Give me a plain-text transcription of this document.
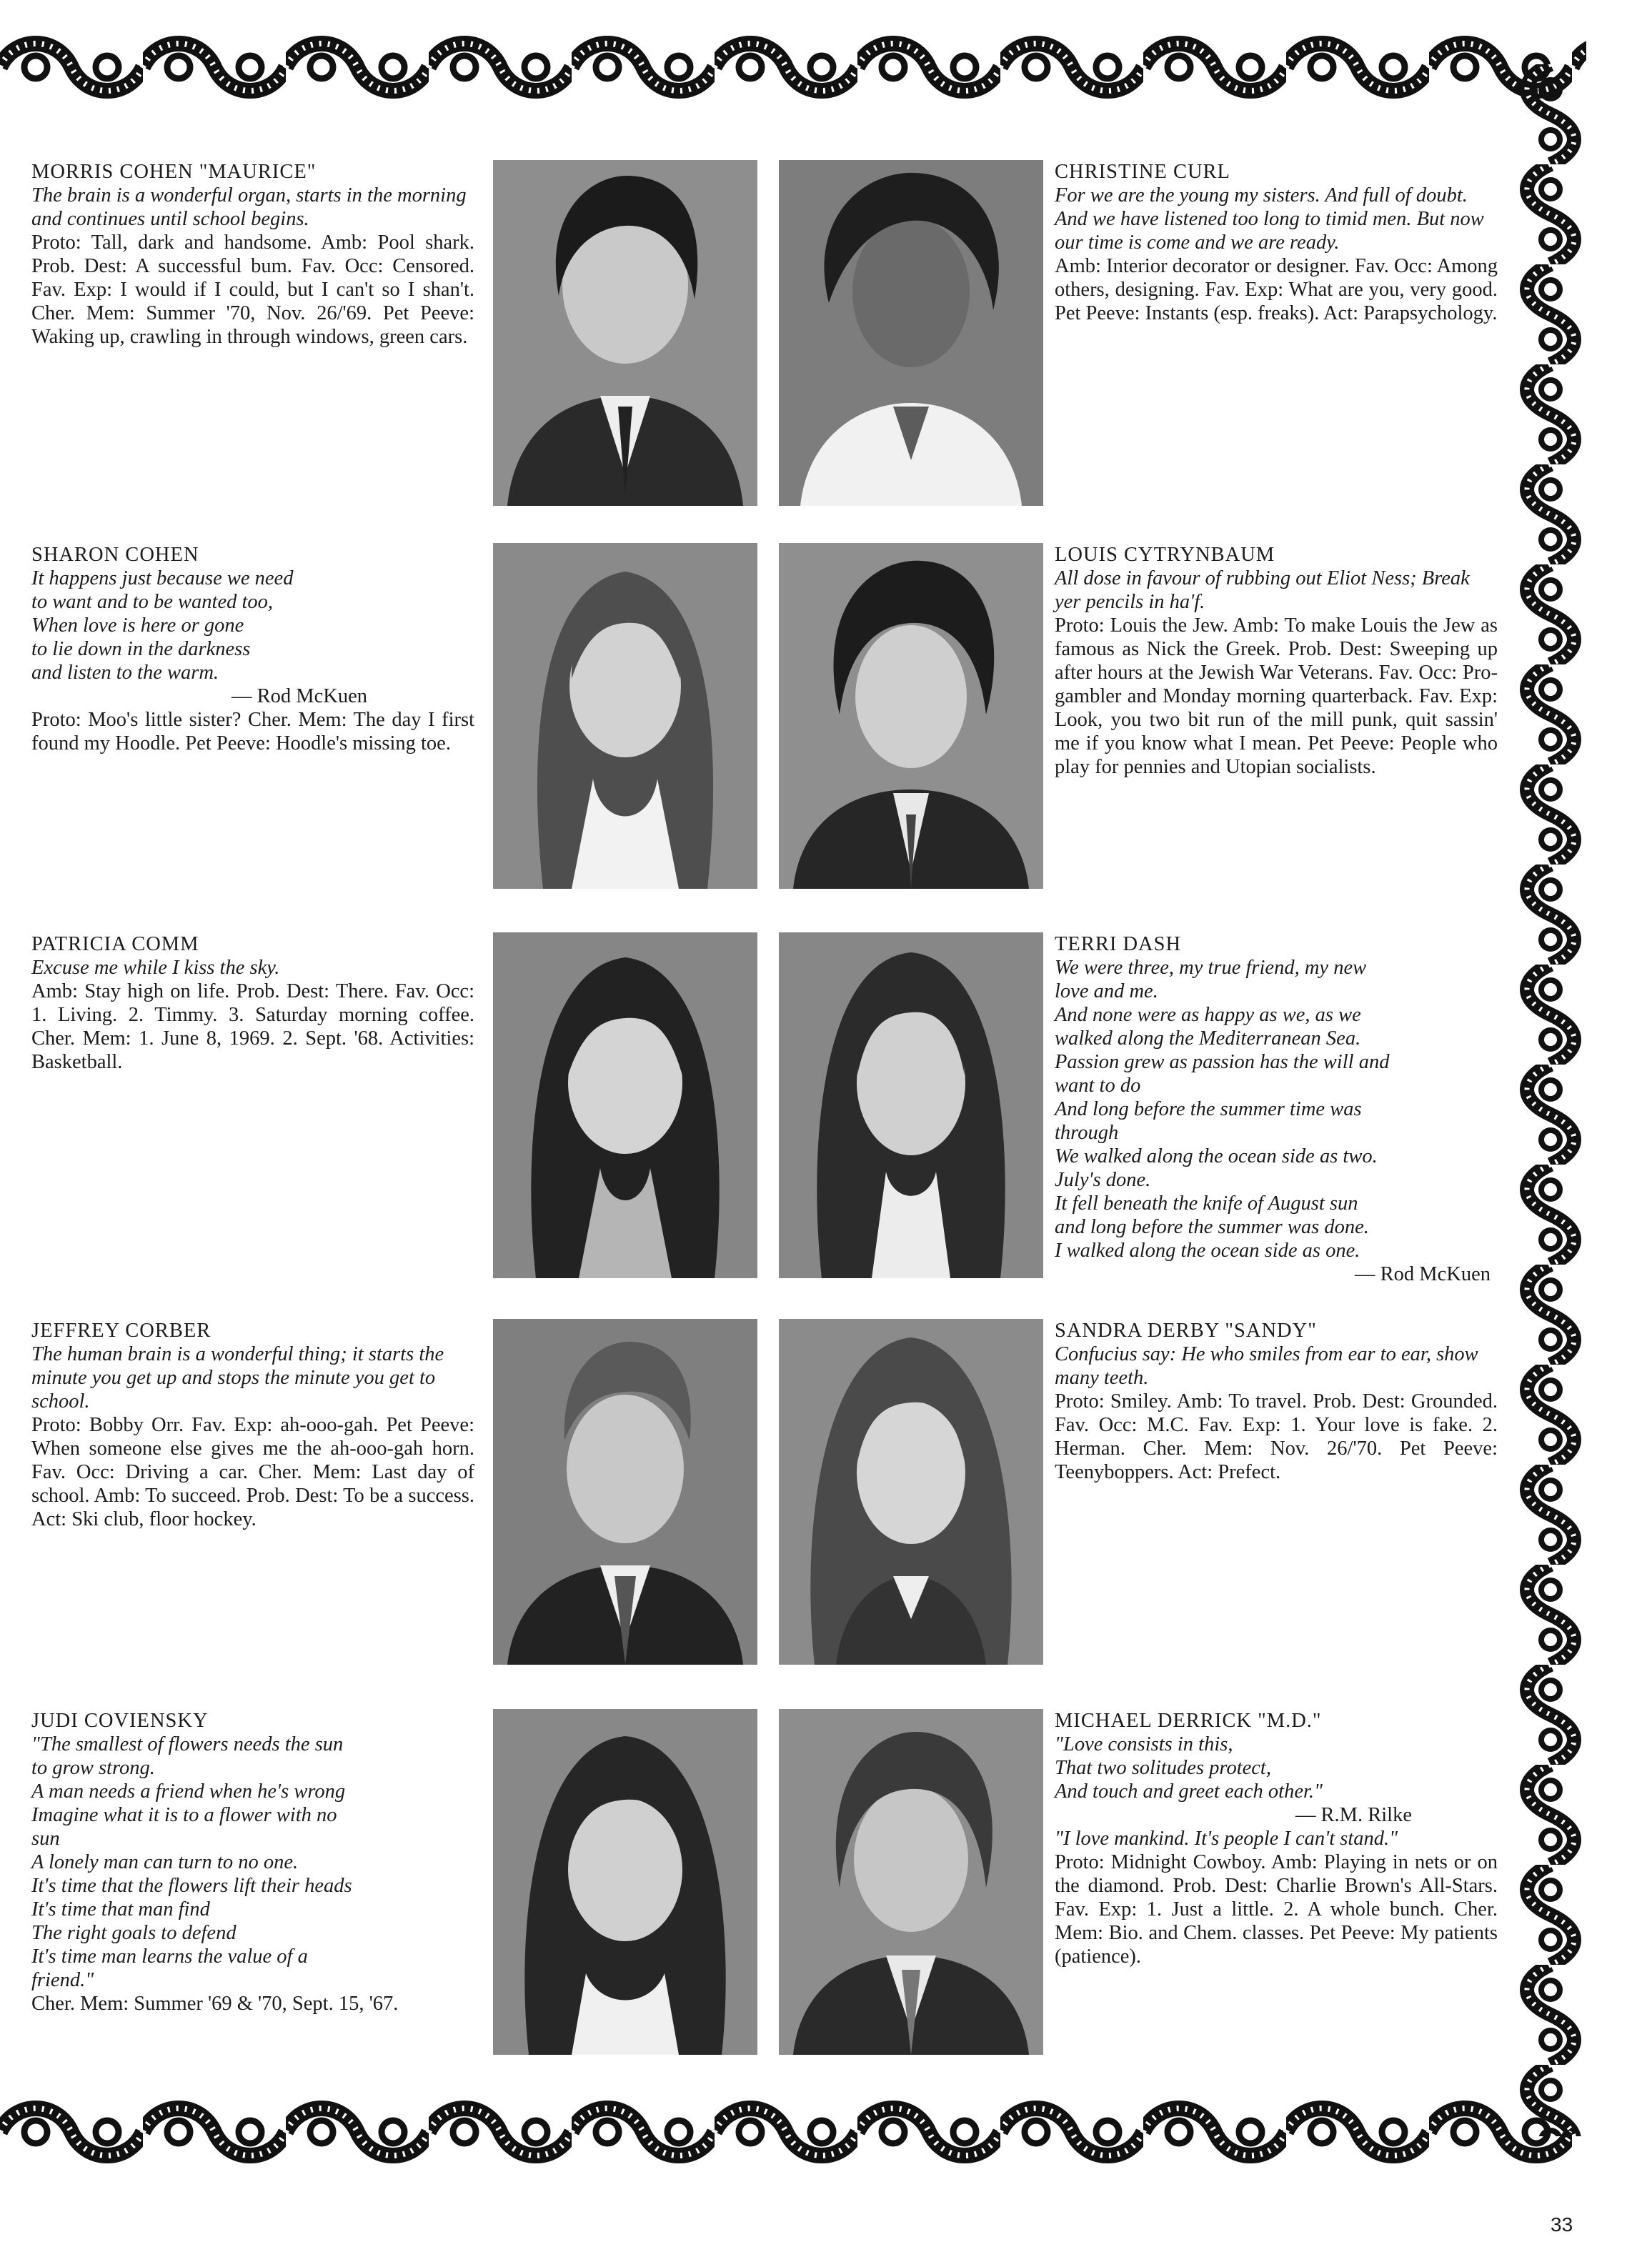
MORRIS COHEN "MAURICE"
The brain is a wonderful organ, starts in the morning and continues until school begins.
Proto: Tall, dark and handsome. Amb: Pool shark. Prob. Dest: A successful bum. Fav. Occ: Censored. Fav. Exp: I would if I could, but I can't so I shan't. Cher. Mem: Summer '70, Nov. 26/'69. Pet Peeve: Waking up, crawling in through windows, green cars.
CHRISTINE CURL
For we are the young my sisters. And full of doubt. And we have listened too long to timid men. But now our time is come and we are ready.
Amb: Interior decorator or designer. Fav. Occ: Among others, designing. Fav. Exp: What are you, very good. Pet Peeve: Instants (esp. freaks). Act: Parapsychology.
SHARON COHEN
It happens just because we need
to want and to be wanted too,
When love is here or gone
to lie down in the darkness
and listen to the warm.
— Rod McKuen
Proto: Moo's little sister? Cher. Mem: The day I first found my Hoodle. Pet Peeve: Hoodle's missing toe.
LOUIS CYTRYNBAUM
All dose in favour of rubbing out Eliot Ness; Break yer pencils in ha'f.
Proto: Louis the Jew. Amb: To make Louis the Jew as famous as Nick the Greek. Prob. Dest: Sweeping up after hours at the Jewish War Veterans. Fav. Occ: Pro-gambler and Monday morning quarterback. Fav. Exp: Look, you two bit run of the mill punk, quit sassin' me if you know what I mean. Pet Peeve: People who play for pennies and Utopian socialists.
PATRICIA COMM
Excuse me while I kiss the sky.
Amb: Stay high on life. Prob. Dest: There. Fav. Occ: 1. Living. 2. Timmy. 3. Saturday morning coffee. Cher. Mem: 1. June 8, 1969. 2. Sept. '68. Activities: Basketball.
TERRI DASH
We were three, my true friend, my new
love and me.
And none were as happy as we, as we
walked along the Mediterranean Sea.
Passion grew as passion has the will and
want to do
And long before the summer time was
through
We walked along the ocean side as two.
July's done.
It fell beneath the knife of August sun
and long before the summer was done.
I walked along the ocean side as one.
— Rod McKuen
JEFFREY CORBER
The human brain is a wonderful thing; it starts the minute you get up and stops the minute you get to school.
Proto: Bobby Orr. Fav. Exp: ah-ooo-gah. Pet Peeve: When someone else gives me the ah-ooo-gah horn. Fav. Occ: Driving a car. Cher. Mem: Last day of school. Amb: To succeed. Prob. Dest: To be a success. Act: Ski club, floor hockey.
SANDRA DERBY "SANDY"
Confucius say: He who smiles from ear to ear, show many teeth.
Proto: Smiley. Amb: To travel. Prob. Dest: Grounded. Fav. Occ: M.C. Fav. Exp: 1. Your love is fake. 2. Herman. Cher. Mem: Nov. 26/'70. Pet Peeve: Teenyboppers. Act: Prefect.
JUDI COVIENSKY
"The smallest of flowers needs the sun
to grow strong.
A man needs a friend when he's wrong
Imagine what it is to a flower with no
sun
A lonely man can turn to no one.
It's time that the flowers lift their heads
It's time that man find
The right goals to defend
It's time man learns the value of a
friend."
Cher. Mem: Summer '69 & '70, Sept. 15, '67.
MICHAEL DERRICK "M.D."
"Love consists in this,
That two solitudes protect,
And touch and greet each other."
— R.M. Rilke
"I love mankind. It's people I can't stand."
Proto: Midnight Cowboy. Amb: Playing in nets or on the diamond. Prob. Dest: Charlie Brown's All-Stars. Fav. Exp: 1. Just a little. 2. A whole bunch. Cher. Mem: Bio. and Chem. classes. Pet Peeve: My patients (patience).
33
